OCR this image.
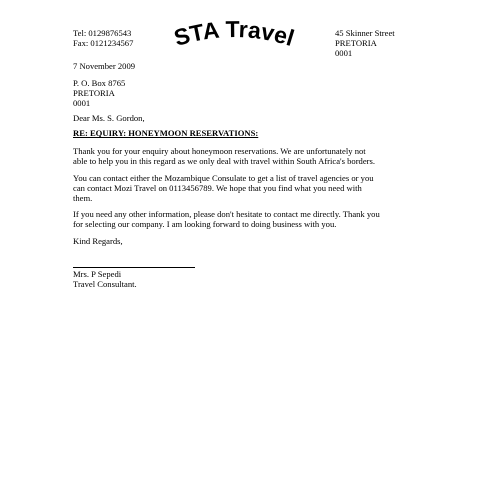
Tel: 0129876543
Fax: 0121234567 STA Travel	45 Skinner Street
PRETORIA
0001
7 November 2009
P. O. Box 8765
PRETORIA
0001
Dear Ms. S. Gordon,
RE: EQUIRY: HONEYMOON RESERVATIONS:
Thank you for your enquiry about honeymoon reservations. We are unfortunately not
able to help you in this regard as we only deal with travel within South Africa's borders.
You can contact either the Mozambique Consulate to get a list of travel agencies or you
can contact Mozi Travel on 0113456789. We hope that you find what you need with
them.
If you need any other information, please don't hesitate to contact me directly. Thank you
for selecting our company. I am looking forward to doing business with you.
Kind Regards,
Mrs. P Sepedi
Travel Consultant.
